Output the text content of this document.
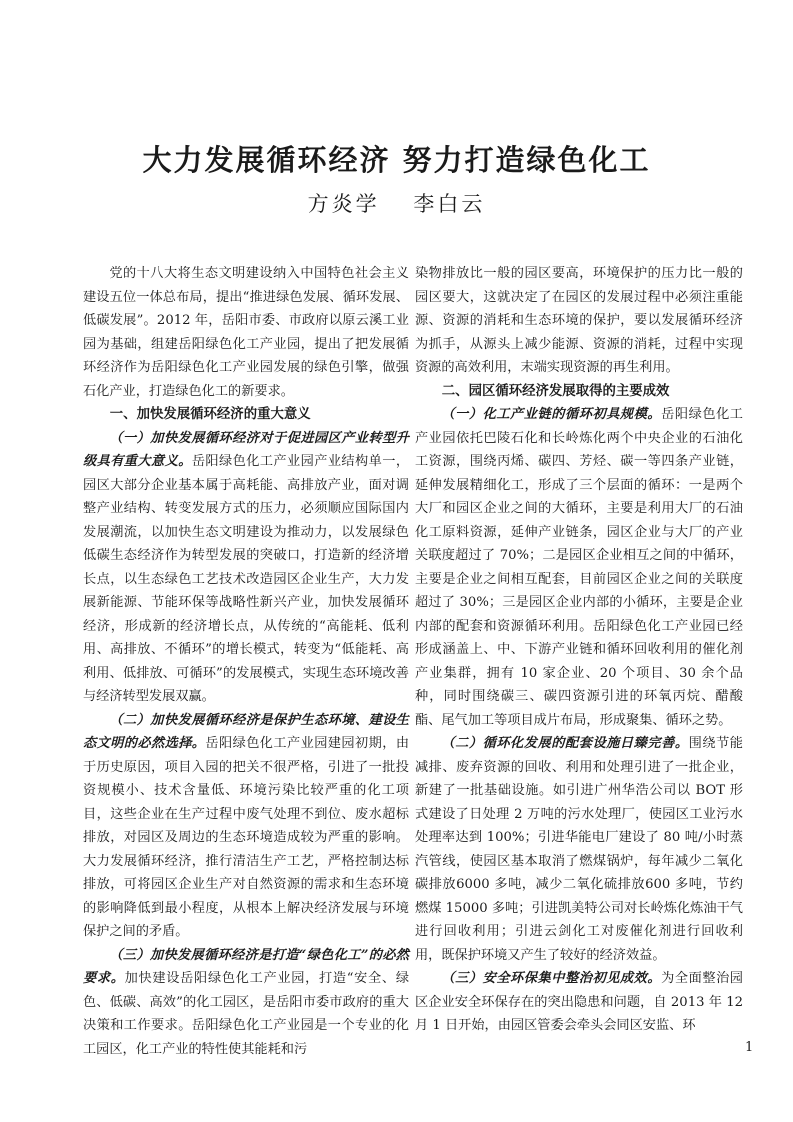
大力发展循环经济 努力打造绿色化工
方炎学 李白云

党的十八大将生态文明建设纳入中国特色社会主义建设五位一体总布局，提出“推进绿色发展、循环发展、低碳发展”。2012 年，岳阳市委、市政府以原云溪工业园为基础，组建岳阳绿色化工产业园，提出了把发展循环经济作为岳阳绿色化工产业园发展的绿色引擎，做强石化产业，打造绿色化工的新要求。

一、加快发展循环经济的重大意义

（一）加快发展循环经济对于促进园区产业转型升级具有重大意义。岳阳绿色化工产业园产业结构单一，园区大部分企业基本属于高耗能、高排放产业，面对调整产业结构、转变发展方式的压力，必须顺应国际国内发展潮流，以加快生态文明建设为推动力，以发展绿色低碳生态经济作为转型发展的突破口，打造新的经济增长点，以生态绿色工艺技术改造园区企业生产，大力发展新能源、节能环保等战略性新兴产业，加快发展循环经济，形成新的经济增长点，从传统的“高能耗、低利用、高排放、不循环”的增长模式，转变为“低能耗、高利用、低排放、可循环”的发展模式，实现生态环境改善与经济转型发展双赢。

（二）加快发展循环经济是保护生态环境、建设生态文明的必然选择。岳阳绿色化工产业园建园初期，由于历史原因，项目入园的把关不很严格，引进了一批投资规模小、技术含量低、环境污染比较严重的化工项目，这些企业在生产过程中废气处理不到位、废水超标排放，对园区及周边的生态环境造成较为严重的影响。大力发展循环经济，推行清洁生产工艺，严格控制达标排放，可将园区企业生产对自然资源的需求和生态环境的影响降低到最小程度，从根本上解决经济发展与环境保护之间的矛盾。

（三）加快发展循环经济是打造“绿色化工”的必然要求。加快建设岳阳绿色化工产业园，打造“安全、绿色、低碳、高效”的化工园区，是岳阳市委市政府的重大决策和工作要求。岳阳绿色化工产业园是一个专业的化工园区，化工产业的特性使其能耗和污

染物排放比一般的园区要高，环境保护的压力比一般的园区要大，这就决定了在园区的发展过程中必须注重能源、资源的消耗和生态环境的保护，要以发展循环经济为抓手，从源头上减少能源、资源的消耗，过程中实现资源的高效利用，末端实现资源的再生利用。

二、园区循环经济发展取得的主要成效

（一）化工产业链的循环初具规模。岳阳绿色化工产业园依托巴陵石化和长岭炼化两个中央企业的石油化工资源，围绕丙烯、碳四、芳烃、碳一等四条产业链，延伸发展精细化工，形成了三个层面的循环：一是两个大厂和园区企业之间的大循环，主要是利用大厂的石油化工原料资源，延伸产业链条，园区企业与大厂的产业关联度超过了 70%；二是园区企业相互之间的中循环，主要是企业之间相互配套，目前园区企业之间的关联度超过了 30%；三是园区企业内部的小循环，主要是企业内部的配套和资源循环利用。岳阳绿色化工产业园已经形成涵盖上、中、下游产业链和循环回收利用的催化剂产业集群，拥有 10 家企业、20 个项目、30 余个品种，同时围绕碳三、碳四资源引进的环氧丙烷、醋酸酯、尾气加工等项目成片布局，形成聚集、循环之势。

（二）循环化发展的配套设施日臻完善。围绕节能减排、废弃资源的回收、利用和处理引进了一批企业，新建了一批基础设施。如引进广州华浩公司以 BOT 形式建设了日处理 2 万吨的污水处理厂，使园区工业污水处理率达到 100%；引进华能电厂建设了 80 吨/小时蒸汽管线，使园区基本取消了燃煤锅炉，每年减少二氧化碳排放6000 多吨，减少二氧化硫排放600 多吨，节约燃煤 15000 多吨；引进凯美特公司对长岭炼化炼油干气进行回收利用；引进云剑化工对废催化剂进行回收利用，既保护环境又产生了较好的经济效益。

（三）安全环保集中整治初见成效。为全面整治园区企业安全环保存在的突出隐患和问题，自 2013 年 12 月 1 日开始，由园区管委会牵头会同区安监、环

1
